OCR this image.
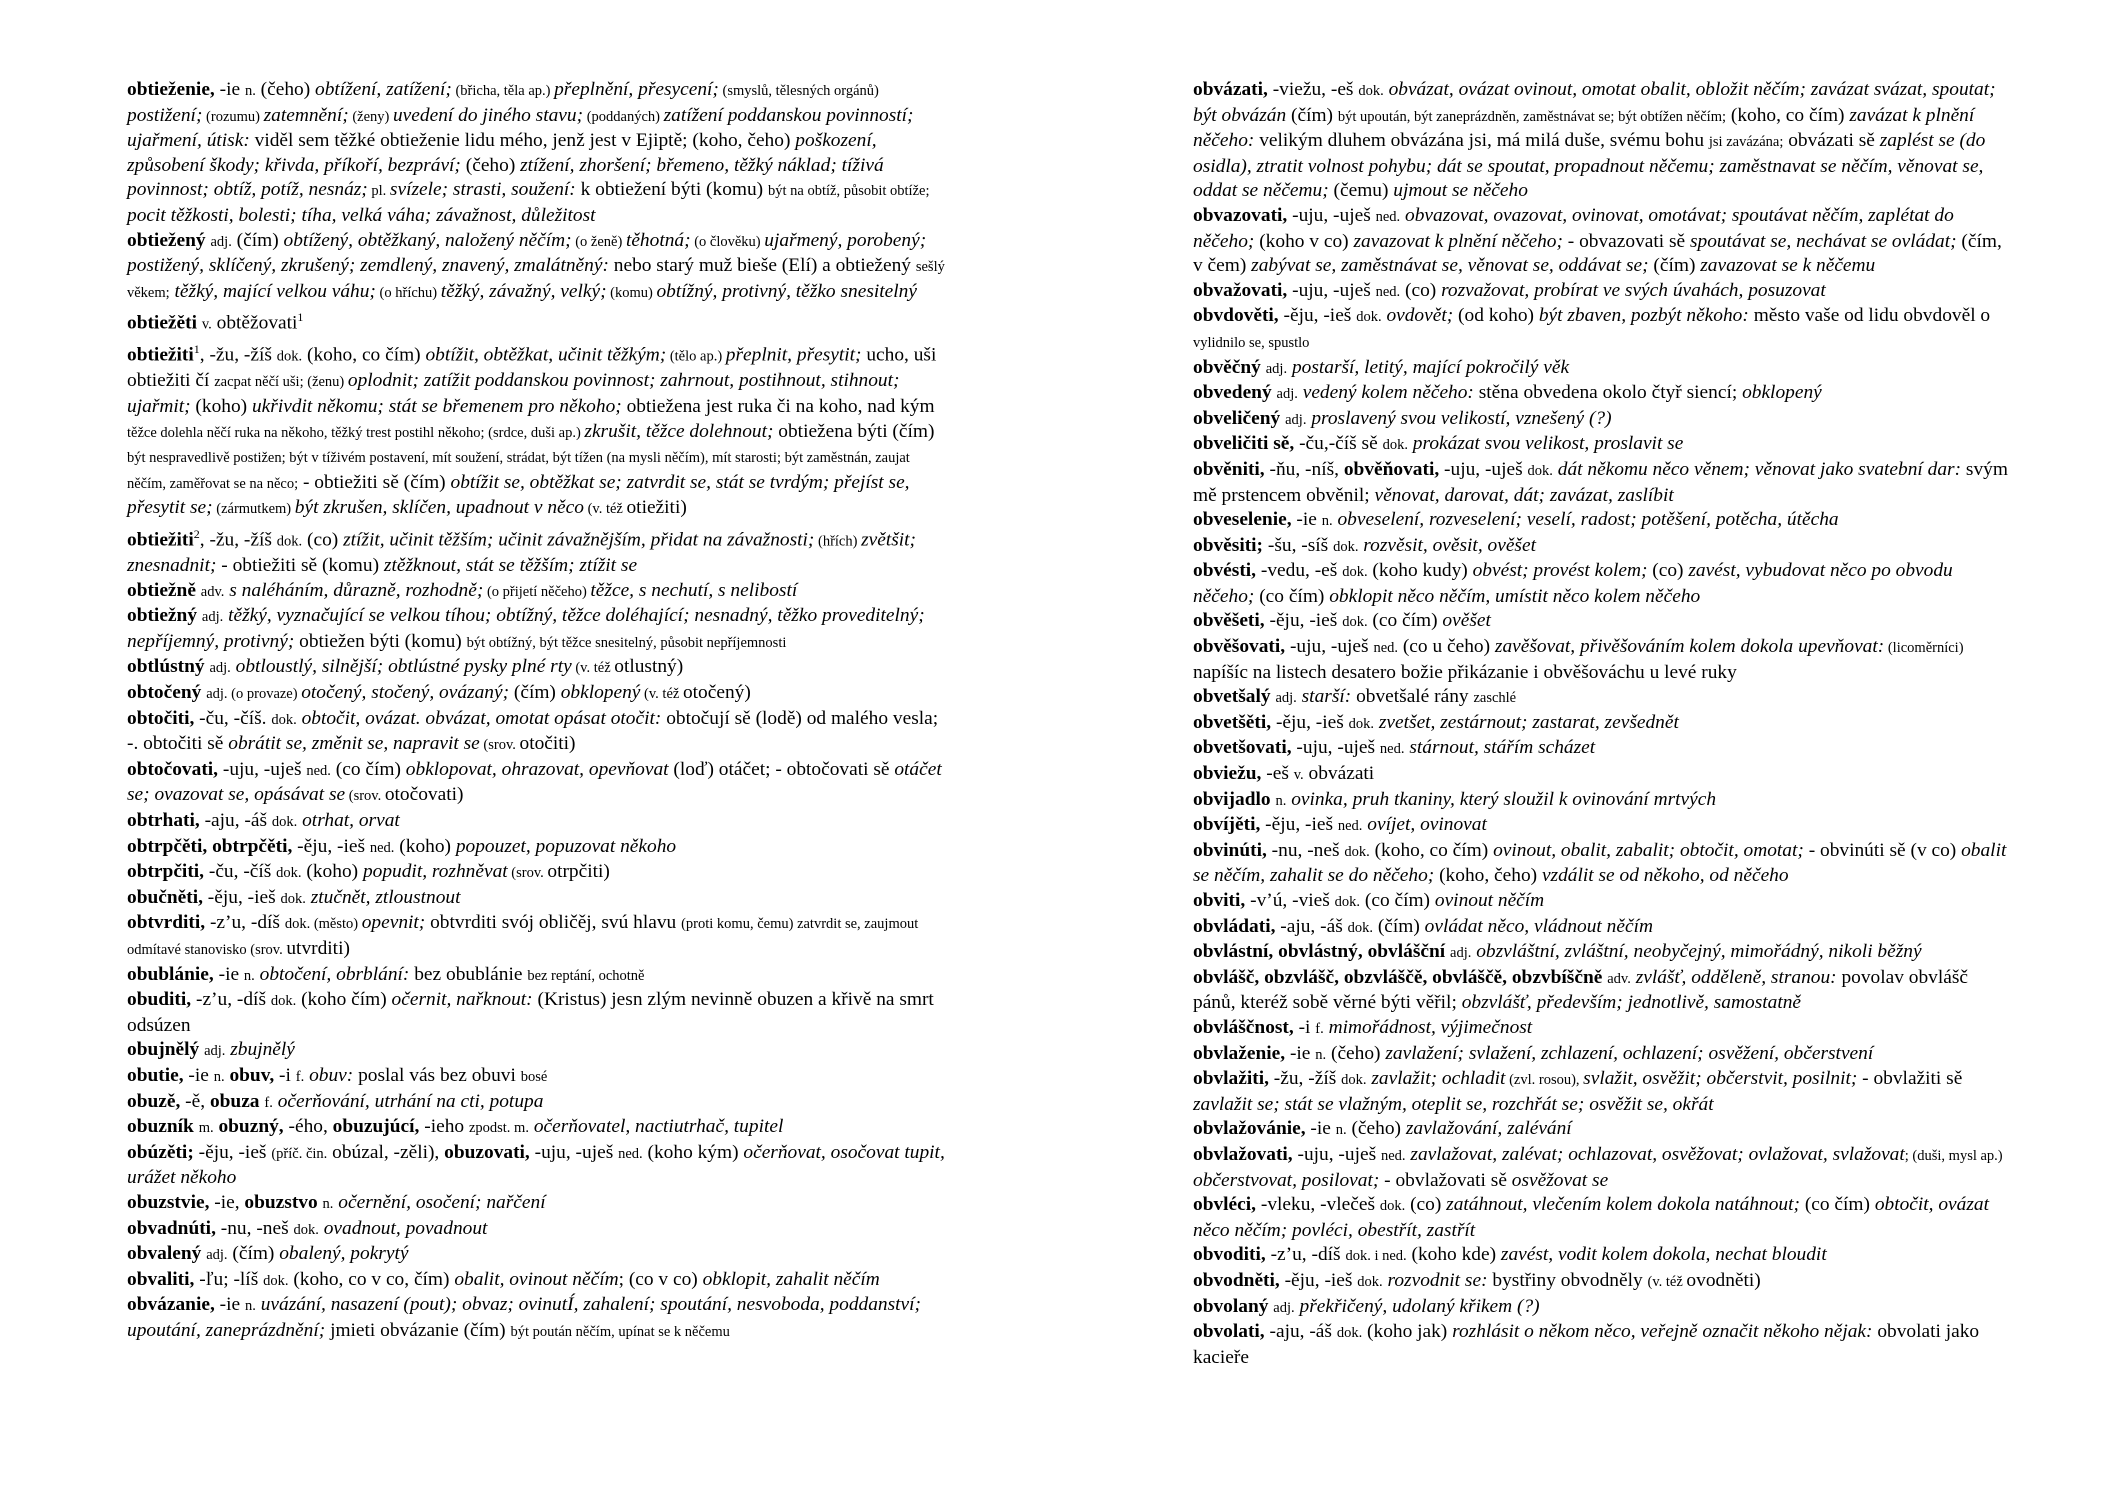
obtieženie, -ie n. (čeho) obtížení, zatížení; (břicha, těla ap.) přeplnění, přesycení; (smyslů, tělesných orgánů) postižení; (rozumu) zatemnění; (ženy) uvedení do jiného stavu; (poddaných) zatížení poddanskou povinností; ujařmení, útisk: viděl sem těžké obtieženie lidu mého, jenž jest v Ejiptě; (koho, čeho) poškození, způsobení škody; křivda, příkoří, bezpráví; (čeho) ztížení, zhoršení; břemeno, těžký náklad; tíživá povinnost; obtíž, potíž, nesnáz; pl. svízele; strasti, soužení: k obtiežení býti (komu) být na obtíž, působit obtíže; pocit těžkosti, bolesti; tíha, velká váha; závažnost, důležitost

obtiežený adj. (čím) obtížený, obtěžkaný, naložený něčím; (o ženě) těhotná; (o člověku) ujařmený, porobený; postižený, sklíčený, zkrušený; zemdlený, znavený, zmalátněný: nebo starý muž bieše (Elí) a obtiežený sešlý věkem; těžký, mající velkou váhu; (o hříchu) těžký, závažný, velký; (komu) obtížný, protivný, těžko snesitelný

obtiežěti v. obtěžovati$^1$

obtiežiti$^1$, -žu, -žíš dok. (koho, co čím) obtížit, obtěžkat, učinit těžkým; (tělo ap.) přeplnit, přesytit; ucho, uši obtiežiti čí zacpat něčí uši; (ženu) oplodnit; zatížit poddanskou povinnost; zahrnout, postihnout, stihnout; ujařmit; (koho) ukřivdit někomu; stát se břemenem pro někoho; obtiežena jest ruka či na koho, nad kým těžce dolehla něčí ruka na někoho, těžký trest postihl někoho; (srdce, duši ap.) zkrušit, těžce dolehnout; obtiežena býti (čím) být nespravedlivě postižen; být v tíživém postavení, mít soužení, strádat, být tížen (na mysli něčím), mít starosti; být zaměstnán, zaujat něčím, zaměřovat se na něco; - obtiežiti sě (čím) obtížit se, obtěžkat se; zatvrdit se, stát se tvrdým; přejíst se, přesytit se; (zármutkem) být zkrušen, sklíčen, upadnout v něco (v. též otiežiti)

obtiežiti$^2$, -žu, -žíš dok. (co) ztížit, učinit těžším; učinit závažnějším, přidat na závažnosti; (hřích) zvětšit; znesnadnit; - obtiežiti sě (komu) ztěžknout, stát se těžším; ztížit se

obtiežně adv. s naléháním, důrazně, rozhodně; (o přijetí něčeho) těžce, s nechutí, s nelibostí

obtiežný adj. těžký, vyznačující se velkou tíhou; obtížný, těžce doléhající; nesnadný, těžko proveditelný; nepříjemný, protivný; obtiežen býti (komu) být obtížný, být těžce snesitelný, působit nepříjemnosti

obtlústný adj. obtloustlý, silnější; obtlústné pysky plné rty (v. též otlustný)

obtočený adj. (o provaze) otočený, stočený, ovázaný; (čím) obklopený (v. též otočený)

obtočiti, -ču, -číš. dok. obtočit, ovázat. obvázat, omotat opásat otočit: obtočují sě (lodě) od malého vesla; -. obtočiti sě obrátit se, změnit se, napravit se (srov. otočiti)

obtočovati, -uju, -uješ ned. (co čím) obklopovat, ohrazovat, opevňovat (loď) otáčet; - obtočovati sě otáčet se; ovazovat se, opásávat se (srov. otočovati)

obtrhati, -aju, -áš dok. otrhat, orvat

obtrpčěti, obtrpčěti, -ěju, -ieš ned. (koho) popouzet, popuzovat někoho

obtrpčiti, -ču, -číš dok. (koho) popudit, rozhněvat (srov. otrpčiti)

obučněti, -ěju, -ieš dok. ztučnět, ztloustnout

obtvrditi, -z’u, -díš dok. (město) opevnit; obtvrditi svój obličěj, svú hlavu (proti komu, čemu) zatvrdit se, zaujmout odmítavé stanovisko (srov. utvrditi)

obublánie, -ie n. obtočení, obrblání: bez obublánie bez reptání, ochotně

obuditi, -z’u, -díš dok. (koho čím) očernit, nařknout: (Kristus) jesn zlým nevinně obuzen a křivě na smrt odsúzen

obujnělý adj. zbujnělý

obutie, -ie n. obuv, -i f. obuv: poslal vás bez obuvi bosé

obuzě, -ě, obuza f. očerňování, utrhání na cti, potupa

obuzník m. obuzný, -ého, obuzujúcí, -ieho zpodst. m. očerňovatel, nactiutrhač, tupitel

obúzěti; -ěju, -ieš (příč. čin. obúzal, -zěli), obuzovati, -uju, -uješ ned. (koho kým) očerňovat, osočovat tupit, urážet někoho

obuzstvie, -ie, obuzstvo n. očernění, osočení; nařčení

obvadnúti, -nu, -neš dok. ovadnout, povadnout

obvalený adj. (čím) obalený, pokrytý

obvaliti, -ľu; -líš dok. (koho, co v co, čím) obalit, ovinout něčím; (co v co) obklopit, zahalit něčím

obvázanie, -ie n. uvázání, nasazení (pout); obvaz; ovinutÍ, zahalení; spoutání, nesvoboda, poddanství; upoutání, zaneprázdnění; jmieti obvázanie (čím) být poután něčím, upínat se k něčemu

obvázati, -viežu, -eš dok. obvázat, ovázat ovinout, omotat obalit, obložit něčím; zavázat svázat, spoutat; být obvázán (čím) být upoután, být zaneprázdněn, zaměstnávat se; být obtížen něčím; (koho, co čím) zavázat k plnění něčeho: velikým dluhem obvázána jsi, má milá duše, svému bohu jsi zavázána; obvázati sě zaplést se (do osidla), ztratit volnost pohybu; dát se spoutat, propadnout něčemu; zaměstnavat se něčím, věnovat se, oddat se něčemu; (čemu) ujmout se něčeho

obvazovati, -uju, -uješ ned. obvazovat, ovazovat, ovinovat, omotávat; spoutávat něčím, zaplétat do něčeho; (koho v co) zavazovat k plnění něčeho; - obvazovati sě spoutávat se, nechávat se ovládat; (čím, v čem) zabývat se, zaměstnávat se, věnovat se, oddávat se; (čím) zavazovat se k něčemu

obvažovati, -uju, -uješ ned. (co) rozvažovat, probírat ve svých úvahách, posuzovat

obvdověti, -ěju, -ieš dok. ovdovět; (od koho) být zbaven, pozbýt někoho: město vaše od lidu obvdověl o vylidnilo se, spustlo

obvěčný adj. postarší, letitý, mající pokročilý věk

obvedený adj. vedený kolem něčeho: stěna obvedena okolo čtyř siencí; obklopený

obveličený adj. proslavený svou velikostí, vznešený (?)

obveličiti sě, -ču,-číš sě dok. prokázat svou velikost, proslavit se

obvěniti, -ňu, -níš, obvěňovati, -uju, -uješ dok. dát někomu něco věnem; věnovat jako svatební dar: svým mě prstencem obvěnil; věnovat, darovat, dát; zavázat, zaslíbit

obveselenie, -ie n. obveselení, rozveselení; veselí, radost; potěšení, potěcha, útěcha

obvěsiti; -šu, -síš dok. rozvěsit, ověsit, ověšet

obvésti, -vedu, -eš dok. (koho kudy) obvést; provést kolem; (co) zavést, vybudovat něco po obvodu něčeho; (co čím) obklopit něco něčím, umístit něco kolem něčeho

obvěšeti, -ěju, -ieš dok. (co čím) ověšet

obvěšovati, -uju, -uješ ned. (co u čeho) zavěšovat, přivěšováním kolem dokola upevňovat: (licoměrníci) napíšíc na listech desatero božie přikázanie i obvěšováchu u levé ruky

obvetšalý adj. starší: obvetšalé rány zaschlé

obvetšěti, -ěju, -ieš dok. zvetšet, zestárnout; zastarat, zevšednět

obvetšovati, -uju, -uješ ned. stárnout, stářím scházet

obviežu, -eš v. obvázati

obvijadlo n. ovinka, pruh tkaniny, který sloužil k ovinování mrtvých

obvíjěti, -ěju, -ieš ned. ovíjet, ovinovat

obvinúti, -nu, -neš dok. (koho, co čím) ovinout, obalit, zabalit; obtočit, omotat; - obvinúti sě (v co) obalit se něčím, zahalit se do něčeho; (koho, čeho) vzdálit se od někoho, od něčeho

obviti, -v’ú, -vieš dok. (co čím) ovinout něčím

obvládati, -aju, -áš dok. (čím) ovládat něco, vládnout něčím

obvlástní, obvlástný, obvlášční adj. obzvláštní, zvláštní, neobyčejný, mimořádný, nikoli běžný

obvlášč, obzvlášč, obzvláščě, obvláščě, obzvbíščně adv. zvlášť, odděleně, stranou: povolav obvlášč pánů, kteréž sobě věrné býti věřil; obzvlášť, především; jednotlivě, samostatně

obvláščnost, -i f. mimořádnost, výjimečnost

obvlaženie, -ie n. (čeho) zavlažení; svlažení, zchlazení, ochlazení; osvěžení, občerstvení

obvlažiti, -žu, -žíš dok. zavlažit; ochladit (zvl. rosou), svlažit, osvěžit; občerstvit, posilnit; - obvlažiti sě zavlažit se; stát se vlažným, oteplit se, rozchřát se; osvěžit se, okřát

obvlažovánie, -ie n. (čeho) zavlažování, zalévání

obvlažovati, -uju, -uješ ned. zavlažovat, zalévat; ochlazovat, osvěžovat; ovlažovat, svlažovat; (duši, mysl ap.) občerstvovat, posilovat; - obvlažovati sě osvěžovat se

obvléci, -vleku, -vlečeš dok. (co) zatáhnout, vlečením kolem dokola natáhnout; (co čím) obtočit, ovázat něco něčím; povléci, obestřít, zastřít

obvoditi, -z’u, -díš dok. i ned. (koho kde) zavést, vodit kolem dokola, nechat bloudit

obvodněti, -ěju, -ieš dok. rozvodnit se: bystřiny obvodněly (v. též ovodněti)

obvolaný adj. překřičený, udolaný křikem (?)

obvolati, -aju, -áš dok. (koho jak) rozhlásit o někom něco, veřejně označit někoho nějak: obvolati jako kacieře
